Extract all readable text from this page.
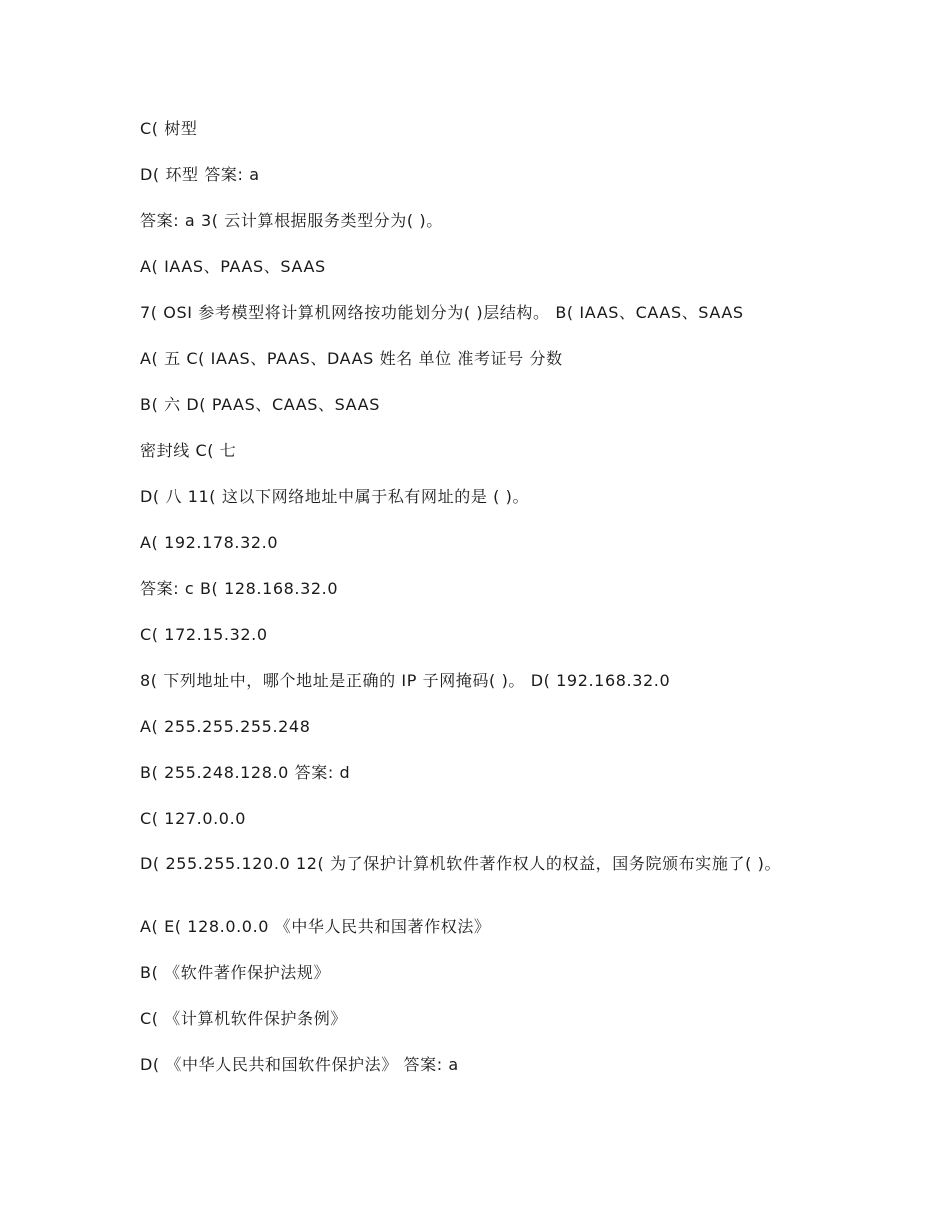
C( 树型
D( 环型 答案: a
答案: a 3( 云计算根据服务类型分为( )。
A( IAAS、PAAS、SAAS
7( OSI 参考模型将计算机网络按功能划分为( )层结构。 B( IAAS、CAAS、SAAS
A( 五 C( IAAS、PAAS、DAAS 姓名 单位 准考证号 分数
B( 六 D( PAAS、CAAS、SAAS
密封线 C( 七
D( 八 11( 这以下网络地址中属于私有网址的是 ( )。
A( 192.178.32.0
答案: c B( 128.168.32.0
C( 172.15.32.0
8( 下列地址中，哪个地址是正确的 IP 子网掩码( )。 D( 192.168.32.0
A( 255.255.255.248
B( 255.248.128.0 答案: d
C( 127.0.0.0
D( 255.255.120.0 12( 为了保护计算机软件著作权人的权益，国务院颁布实施了( )。
A( E( 128.0.0.0 《中华人民共和国著作权法》
B( 《软件著作保护法规》
C( 《计算机软件保护条例》
D( 《中华人民共和国软件保护法》 答案: a
